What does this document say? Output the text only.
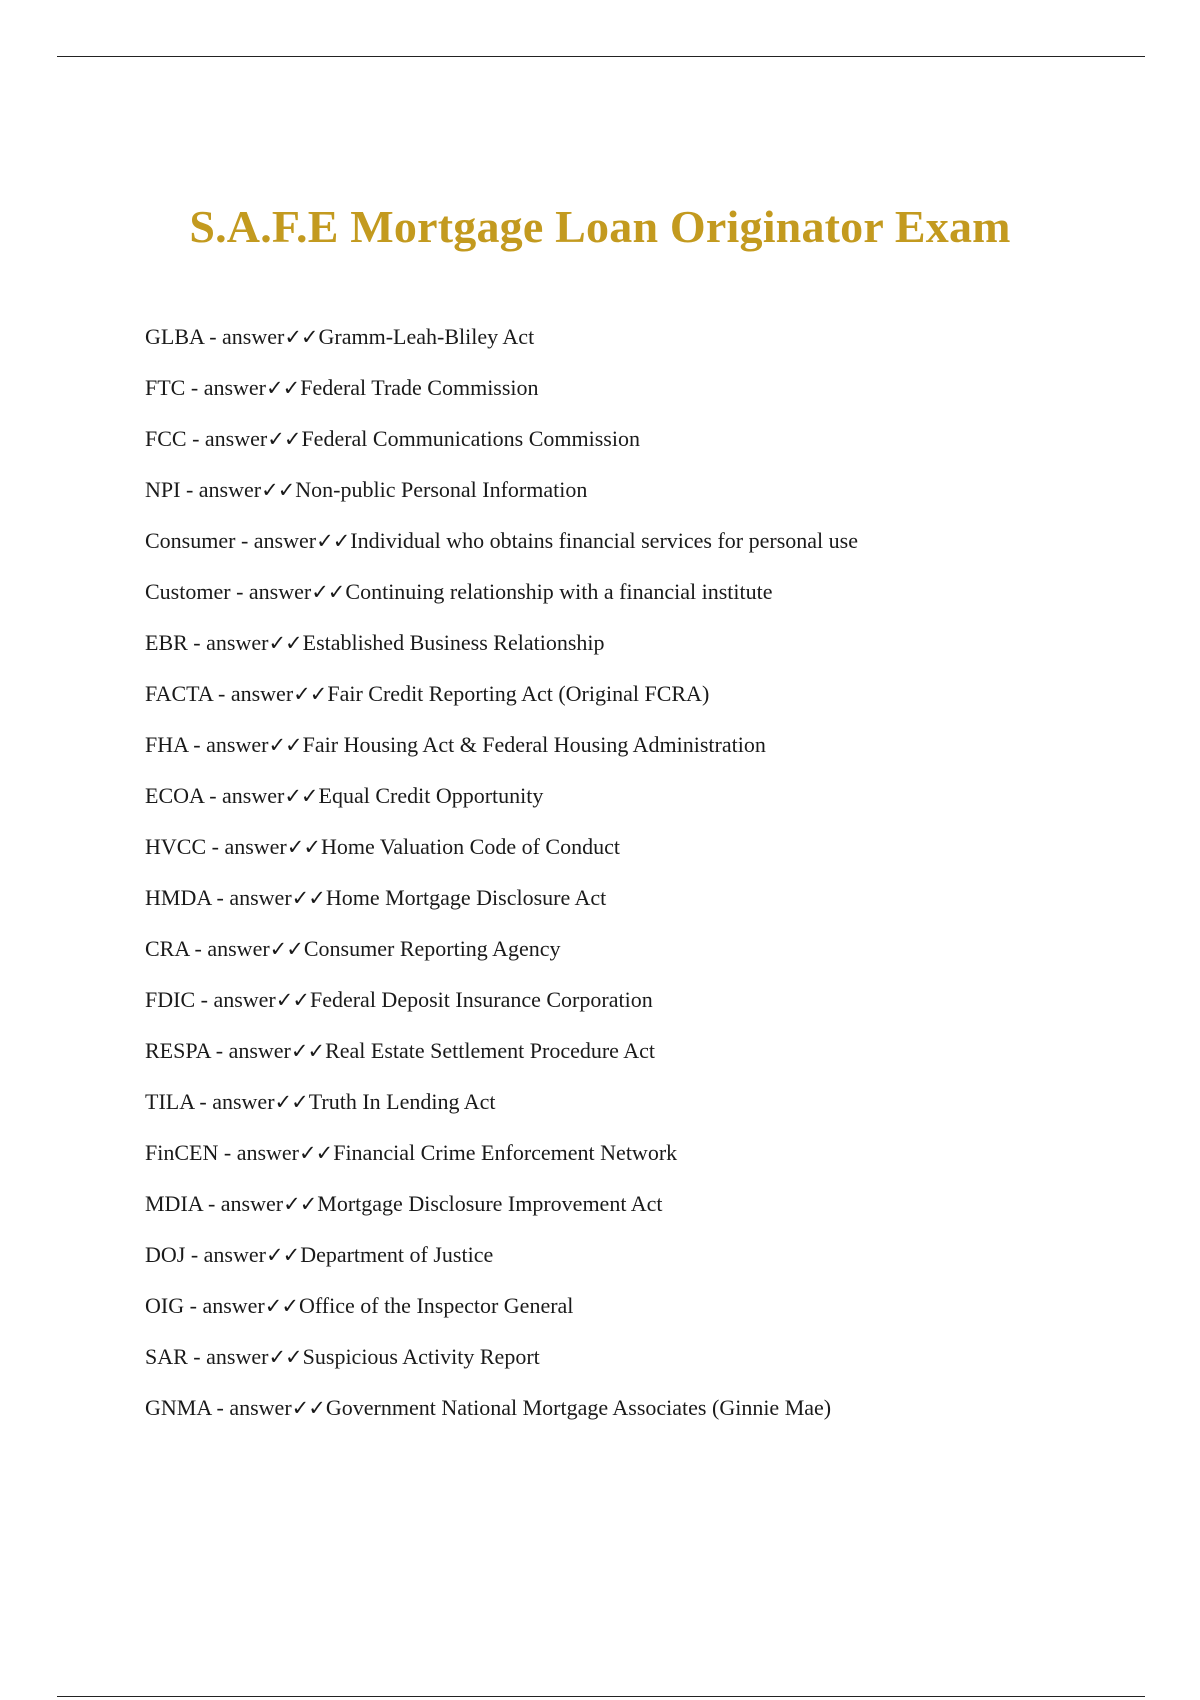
S.A.F.E Mortgage Loan Originator Exam
GLBA - answer✓✓Gramm-Leah-Bliley Act
FTC - answer✓✓Federal Trade Commission
FCC - answer✓✓Federal Communications Commission
NPI - answer✓✓Non-public Personal Information
Consumer - answer✓✓Individual who obtains financial services for personal use
Customer - answer✓✓Continuing relationship with a financial institute
EBR - answer✓✓Established Business Relationship
FACTA - answer✓✓Fair Credit Reporting Act (Original FCRA)
FHA - answer✓✓Fair Housing Act & Federal Housing Administration
ECOA - answer✓✓Equal Credit Opportunity
HVCC - answer✓✓Home Valuation Code of Conduct
HMDA - answer✓✓Home Mortgage Disclosure Act
CRA - answer✓✓Consumer Reporting Agency
FDIC - answer✓✓Federal Deposit Insurance Corporation
RESPA - answer✓✓Real Estate Settlement Procedure Act
TILA - answer✓✓Truth In Lending Act
FinCEN - answer✓✓Financial Crime Enforcement Network
MDIA - answer✓✓Mortgage Disclosure Improvement Act
DOJ - answer✓✓Department of Justice
OIG - answer✓✓Office of the Inspector General
SAR - answer✓✓Suspicious Activity Report
GNMA - answer✓✓Government National Mortgage Associates (Ginnie Mae)
